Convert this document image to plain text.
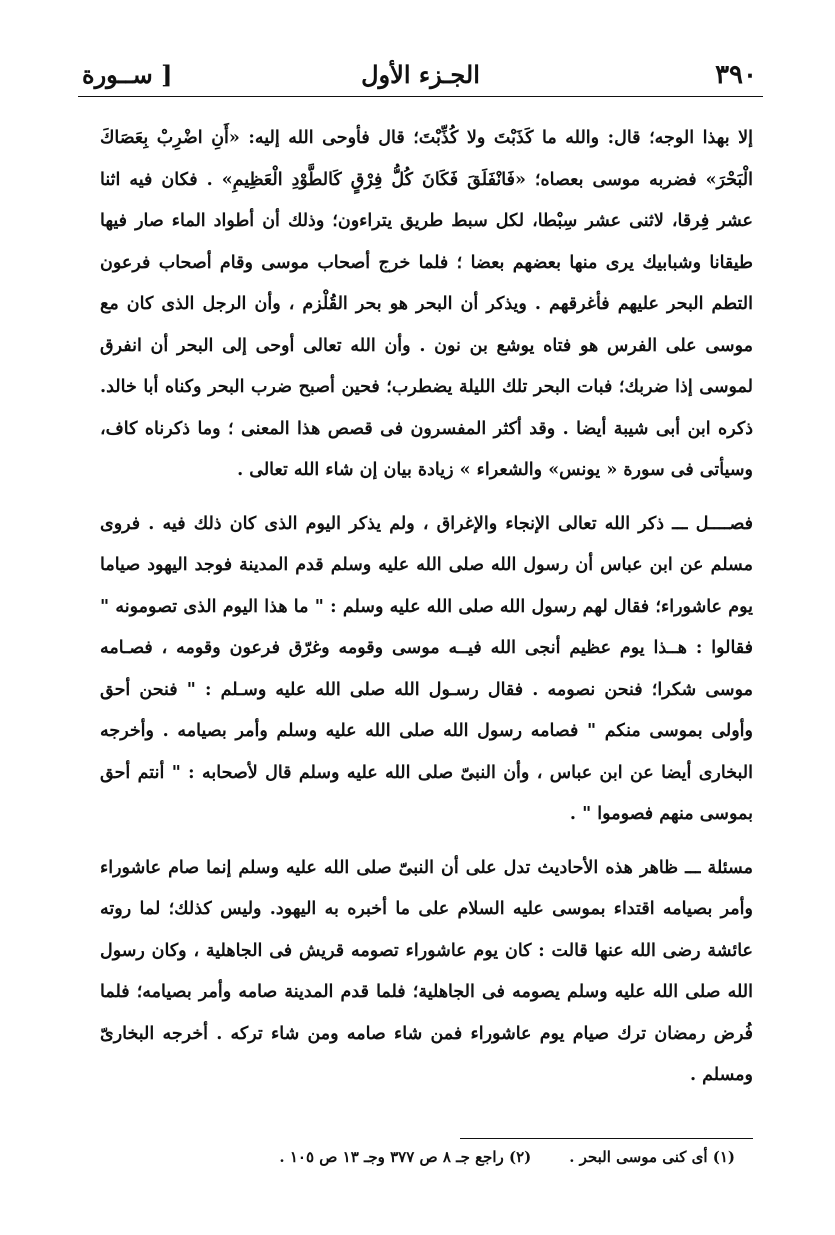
٣٩٠
الجـزء الأول
[ ســورة

إلا بهذا الوجه؛ قال: والله ما كَذَبْتَ ولا كُذِّبْتَ؛ قال فأوحى الله إليه: «أَنِ اضْرِبْ بِعَصَاكَ الْبَحْرَ» فضربه موسى بعصاه؛ «فَانْفَلَقَ فَكَانَ كُلُّ فِرْقٍ كَالطَّوْدِ الْعَظِيمِ» . فكان فيه اثنا عشر فِرقا، لاثنى عشر سِبْطا، لكل سبط طريق يتراءون؛ وذلك أن أطواد الماء صار فيها طيقانا وشبابيك يرى منها بعضهم بعضا ؛ فلما خرج أصحاب موسى وقام أصحاب فرعون التطم البحر عليهم فأغرقهم . ويذكر أن البحر هو بحر القُلْزم ، وأن الرجل الذى كان مع موسى على الفرس هو فتاه يوشع بن نون . وأن الله تعالى أوحى إلى البحر أن انفرق لموسى إذا ضربك؛ فبات البحر تلك الليلة يضطرب؛ فحين أصبح ضرب البحر وكناه أبا خالد. ذكره ابن أبى شيبة أيضا . وقد أكثر المفسرون فى قصص هذا المعنى ؛ وما ذكرناه كاف، وسيأتى فى سورة « يونس» والشعراء » زيادة بيان إن شاء الله تعالى .

فصــــل ـــ ذكر الله تعالى الإنجاء والإغراق ، ولم يذكر اليوم الذى كان ذلك فيه . فروى مسلم عن ابن عباس أن رسول الله صلى الله عليه وسلم قدم المدينة فوجد اليهود صياما يوم عاشوراء؛ فقال لهم رسول الله صلى الله عليه وسلم : " ما هذا اليوم الذى تصومونه " فقالوا : هــذا يوم عظيم أنجى الله فيــه موسى وقومه وغرّق فرعون وقومه ، فصـامه موسى شكرا؛ فنحن نصومه . فقال رسـول الله صلى الله عليه وسـلم : " فنحن أحق وأولى بموسى منكم " فصامه رسول الله صلى الله عليه وسلم وأمر بصيامه . وأخرجه البخارى أيضا عن ابن عباس ، وأن النبىّ صلى الله عليه وسلم قال لأصحابه : " أنتم أحق بموسى منهم فصوموا " .

مسئلة ـــ ظاهر هذه الأحاديث تدل على أن النبىّ صلى الله عليه وسلم إنما صام عاشوراء وأمر بصيامه اقتداء بموسى عليه السلام على ما أخبره به اليهود. وليس كذلك؛ لما روته عائشة رضى الله عنها قالت : كان يوم عاشوراء تصومه قريش فى الجاهلية ، وكان رسول الله صلى الله عليه وسلم يصومه فى الجاهلية؛ فلما قدم المدينة صامه وأمر بصيامه؛ فلما فُرض رمضان ترك صيام يوم عاشوراء فمن شاء صامه ومن شاء تركه . أخرجه البخارىّ ومسلم .

(١) أى كنى موسى البحر .
(٢) راجع جـ ٨ ص ٣٧٧ وجـ ١٣ ص ١٠٥ .
